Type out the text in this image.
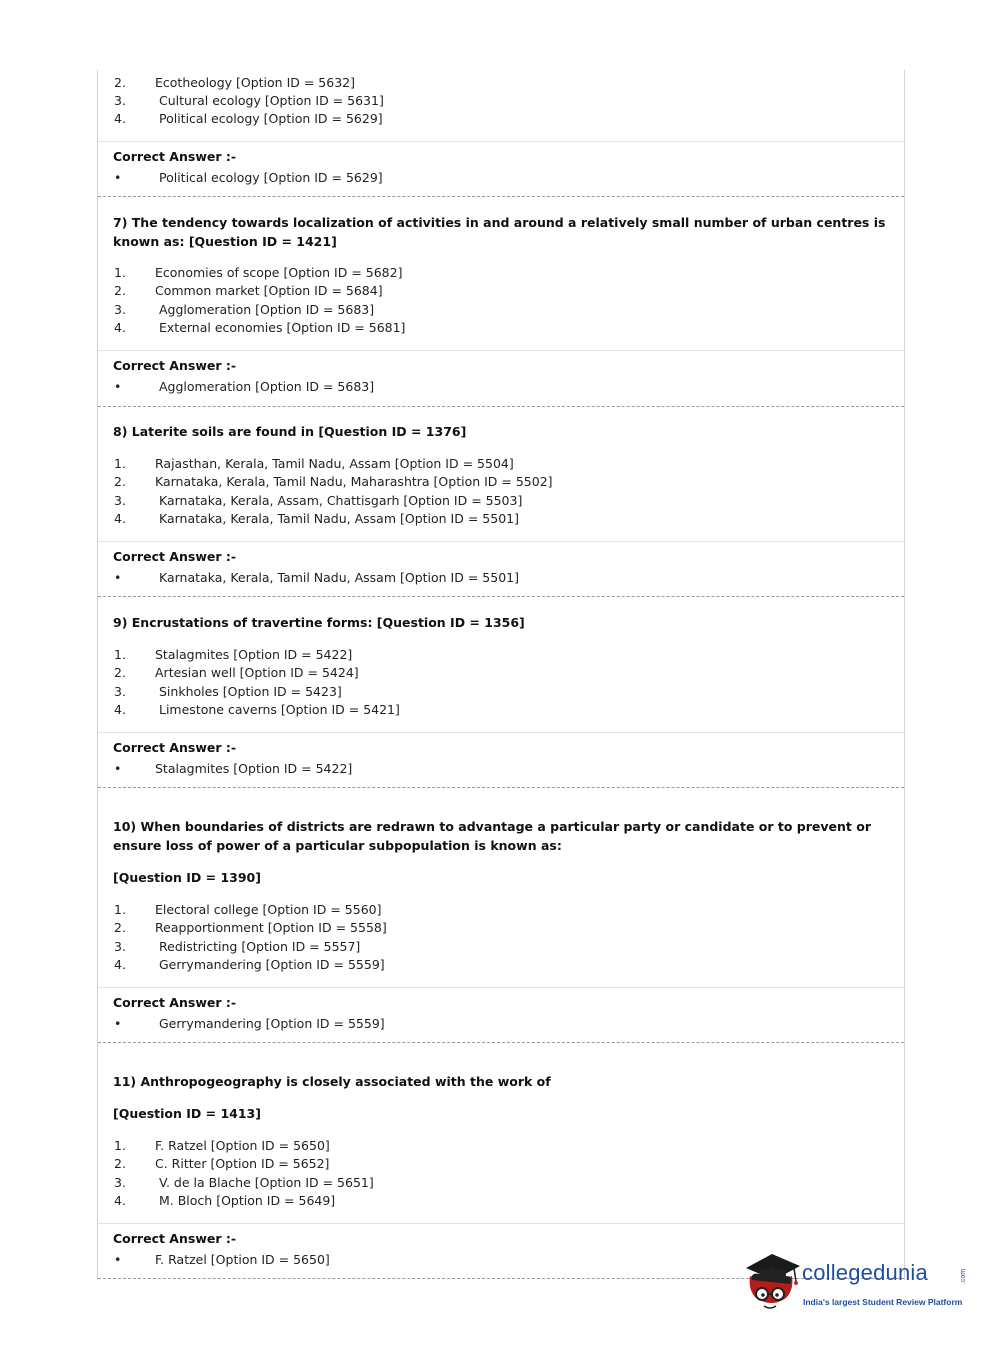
2. Ecotheology [Option ID = 5632]
3.	Cultural ecology [Option ID = 5631]
4.	Political ecology [Option ID = 5629]
Correct Answer :-
•	Political ecology [Option ID = 5629]
7) The tendency towards localization of activities in and around a relatively small number of urban centres is known as: [Question ID = 1421]
1. Economies of scope [Option ID = 5682]
2. Common market [Option ID = 5684]
3.	Agglomeration [Option ID = 5683]
4.	External economies [Option ID = 5681]
Correct Answer :-
•	Agglomeration [Option ID = 5683]
8) Laterite soils are found in [Question ID = 1376]
1. Rajasthan, Kerala, Tamil Nadu, Assam [Option ID = 5504]
2. Karnataka, Kerala, Tamil Nadu, Maharashtra [Option ID = 5502]
3.	Karnataka, Kerala, Assam, Chattisgarh [Option ID = 5503]
4.	Karnataka, Kerala, Tamil Nadu, Assam [Option ID = 5501]
Correct Answer :-
•	Karnataka, Kerala, Tamil Nadu, Assam [Option ID = 5501]
9) Encrustations of travertine forms: [Question ID = 1356]
1. Stalagmites [Option ID = 5422]
2. Artesian well [Option ID = 5424]
3.	Sinkholes [Option ID = 5423]
4.	Limestone caverns [Option ID = 5421]
Correct Answer :-
•	Stalagmites [Option ID = 5422]
10) When boundaries of districts are redrawn to advantage a particular party or candidate or to prevent or ensure loss of power of a particular subpopulation is known as:
[Question ID = 1390]
1. Electoral college [Option ID = 5560]
2. Reapportionment [Option ID = 5558]
3.	Redistricting [Option ID = 5557]
4.	Gerrymandering [Option ID = 5559]
Correct Answer :-
•	Gerrymandering [Option ID = 5559]
11) Anthropogeography is closely associated with the work of
[Question ID = 1413]
1. F. Ratzel [Option ID = 5650]
2. C. Ritter [Option ID = 5652]
3.	V. de la Blache [Option ID = 5651]
4.	M. Bloch [Option ID = 5649]
Correct Answer :-
•	F. Ratzel [Option ID = 5650]
collegedunia	.com
India's largest Student Review Platform
